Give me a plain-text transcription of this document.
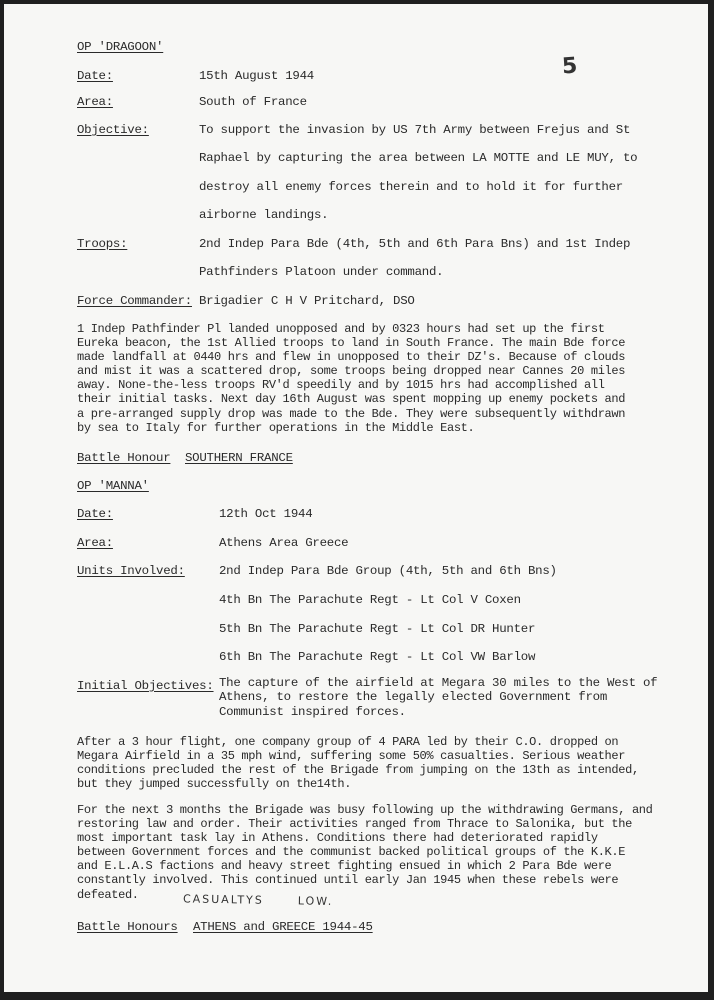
5
OP 'DRAGOON'
Date:	15th August 1944
Area:	South of France
Objective:	To support the invasion by US 7th Army between Frejus and St
Raphael by capturing the area between LA MOTTE and LE MUY, to
destroy all enemy forces therein and to hold it for further
airborne landings.
Troops:	2nd Indep Para Bde (4th, 5th and 6th Para Bns) and 1st Indep
Pathfinders Platoon under command.
Force Commander: Brigadier C H V Pritchard, DSO
1 Indep Pathfinder Pl landed unopposed and by 0323 hours had set up the first
Eureka beacon, the 1st Allied troops to land in South France. The main Bde force
made landfall at 0440 hrs and flew in unopposed to their DZ's. Because of clouds
and mist it was a scattered drop, some troops being dropped near Cannes 20 miles
away. None-the-less troops RV'd speedily and by 1015 hrs had accomplished all
their initial tasks. Next day 16th August was spent mopping up enemy pockets and
a pre-arranged supply drop was made to the Bde. They were subsequently withdrawn
by sea to Italy for further operations in the Middle East.
Battle Honour SOUTHERN FRANCE
OP 'MANNA'
Date:	12th Oct 1944
Area:	Athens Area Greece
Units Involved:	2nd Indep Para Bde Group (4th, 5th and 6th Bns)
4th Bn The Parachute Regt - Lt Col V Coxen
5th Bn The Parachute Regt - Lt Col DR Hunter
6th Bn The Parachute Regt - Lt Col VW Barlow
Initial Objectives: The capture of the airfield at Megara 30 miles to the West of
Athens, to restore the legally elected Government from
Communist inspired forces.
After a 3 hour flight, one company group of 4 PARA led by their C.O. dropped on
Megara Airfield in a 35 mph wind, suffering some 50% casualties. Serious weather
conditions precluded the rest of the Brigade from jumping on the 13th as intended,
but they jumped successfully on the14th.
For the next 3 months the Brigade was busy following up the withdrawing Germans, and
restoring law and order. Their activities ranged from Thrace to Salonika, but the
most important task lay in Athens. Conditions there had deteriorated rapidly
between Government forces and the communist backed political groups of the K.K.E
and E.L.A.S factions and heavy street fighting ensued in which 2 Para Bde were
constantly involved. This continued until early Jan 1945 when these rebels were
defeated.	CASUALTYS	LOW.
Battle Honours ATHENS and GREECE 1944-45
